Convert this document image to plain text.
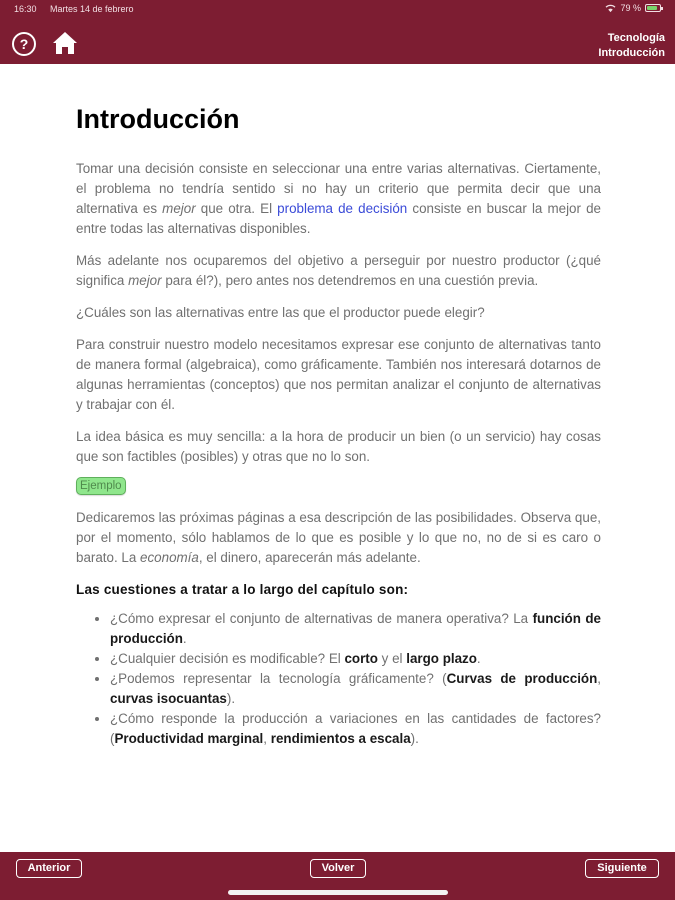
16:30 Martes 14 de febrero	79 %
?	Tecnología
Introducción
Introducción

Tomar una decisión consiste en seleccionar una entre varias alternativas. Ciertamente, el problema no tendría sentido si no hay un criterio que permita decir que una alternativa es mejor que otra. El problema de decisión consiste en buscar la mejor de entre todas las alternativas disponibles.

Más adelante nos ocuparemos del objetivo a perseguir por nuestro productor (¿qué significa mejor para él?), pero antes nos detendremos en una cuestión previa.

¿Cuáles son las alternativas entre las que el productor puede elegir?

Para construir nuestro modelo necesitamos expresar ese conjunto de alternativas tanto de manera formal (algebraica), como gráficamente. También nos interesará dotarnos de algunas herramientas (conceptos) que nos permitan analizar el conjunto de alternativas y trabajar con él.

La idea básica es muy sencilla: a la hora de producir un bien (o un servicio) hay cosas que son factibles (posibles) y otras que no lo son.

Ejemplo

Dedicaremos las próximas páginas a esa descripción de las posibilidades. Observa que, por el momento, sólo hablamos de lo que es posible y lo que no, no de si es caro o barato. La economía, el dinero, aparecerán más adelante.

Las cuestiones a tratar a lo largo del capítulo son:
• ¿Cómo expresar el conjunto de alternativas de manera operativa? La función de producción.
• ¿Cualquier decisión es modificable? El corto y el largo plazo.
• ¿Podemos representar la tecnología gráficamente? (Curvas de producción, curvas isocuantas).
• ¿Cómo responde la producción a variaciones en las cantidades de factores? (Productividad marginal, rendimientos a escala).
Anterior	Volver	Siguiente
